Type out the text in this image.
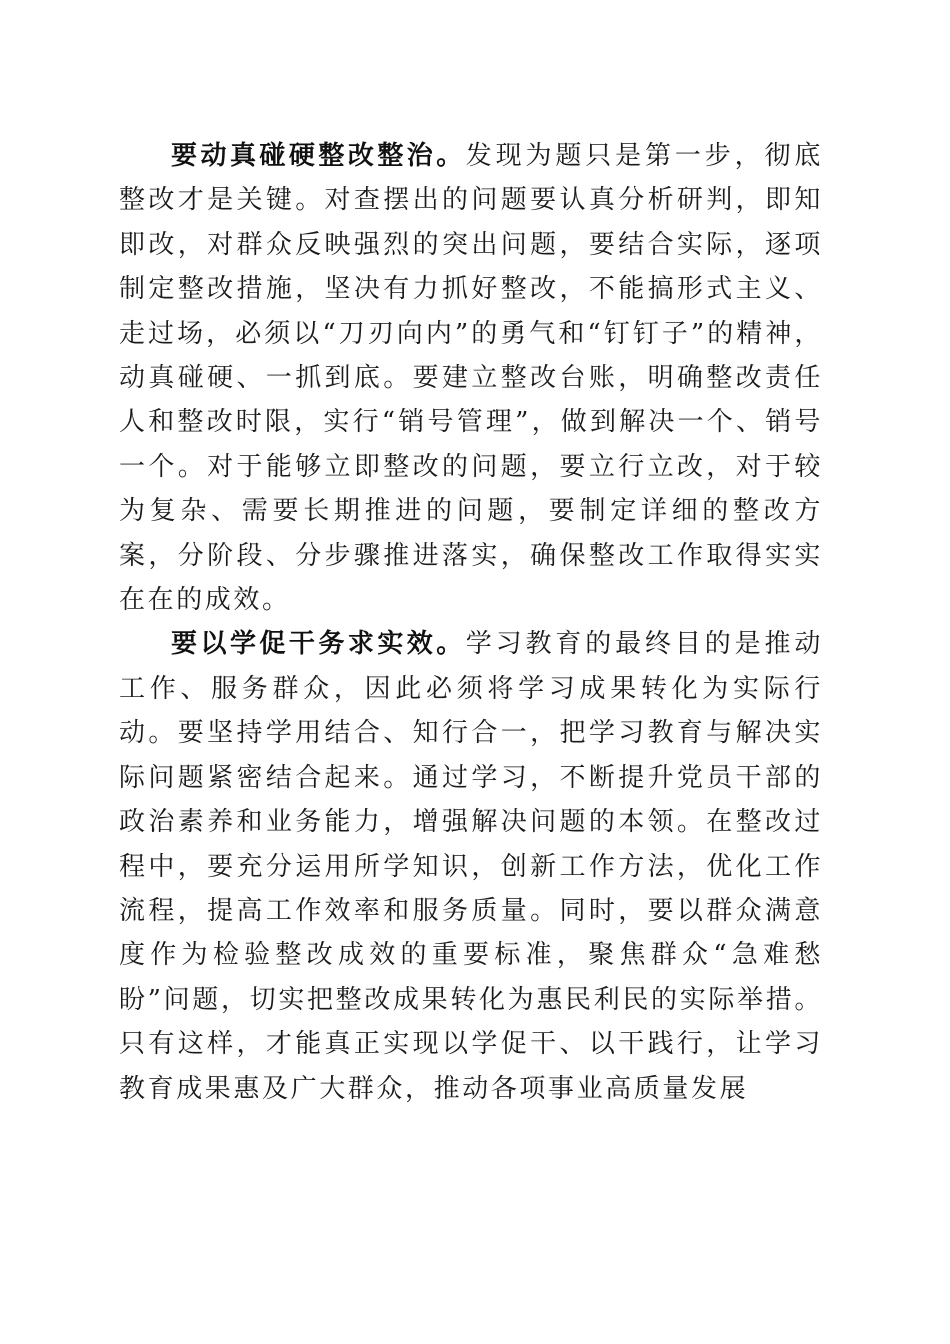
要动真碰硬整改整治。发现为题只是第一步，彻底整改才是关键。对查摆出的问题要认真分析研判，即知即改，对群众反映强烈的突出问题，要结合实际，逐项制定整改措施，坚决有力抓好整改，不能搞形式主义、走过场，必须以“刀刃向内”的勇气和“钉钉子”的精神，动真碰硬、一抓到底。要建立整改台账，明确整改责任人和整改时限，实行“销号管理”，做到解决一个、销号一个。对于能够立即整改的问题，要立行立改，对于较为复杂、需要长期推进的问题，要制定详细的整改方案，分阶段、分步骤推进落实，确保整改工作取得实实在在的成效。

要以学促干务求实效。学习教育的最终目的是推动工作、服务群众，因此必须将学习成果转化为实际行动。要坚持学用结合、知行合一，把学习教育与解决实际问题紧密结合起来。通过学习，不断提升党员干部的政治素养和业务能力，增强解决问题的本领。在整改过程中，要充分运用所学知识，创新工作方法，优化工作流程，提高工作效率和服务质量。同时，要以群众满意度作为检验整改成效的重要标准，聚焦群众“急难愁盼”问题，切实把整改成果转化为惠民利民的实际举措。只有这样，才能真正实现以学促干、以干践行，让学习教育成果惠及广大群众，推动各项事业高质量发展
